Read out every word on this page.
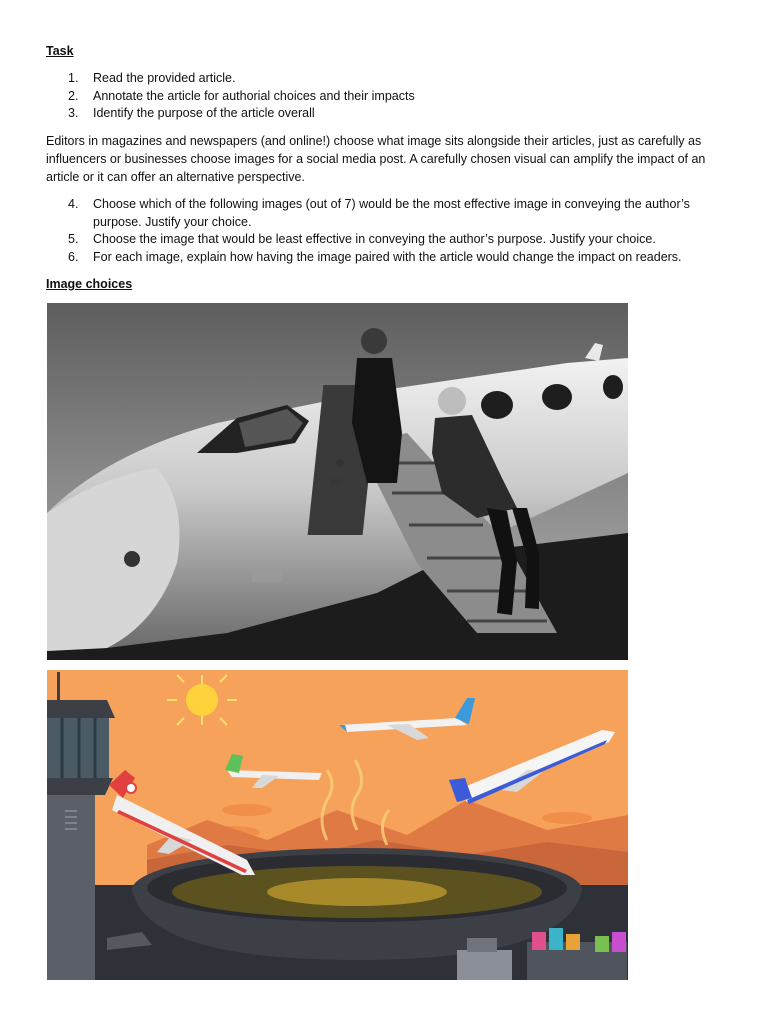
Task
1. Read the provided article.
2. Annotate the article for authorial choices and their impacts
3. Identify the purpose of the article overall

Editors in magazines and newspapers (and online!) choose what image sits alongside their articles, just as carefully as influencers or businesses choose images for a social media post. A carefully chosen visual can amplify the impact of an article or it can offer an alternative perspective.

4. Choose which of the following images (out of 7) would be the most effective image in conveying the author’s purpose. Justify your choice.
5. Choose the image that would be least effective in conveying the author’s purpose. Justify your choice.
6. For each image, explain how having the image paired with the article would change the impact on readers.
Image choices
PC
